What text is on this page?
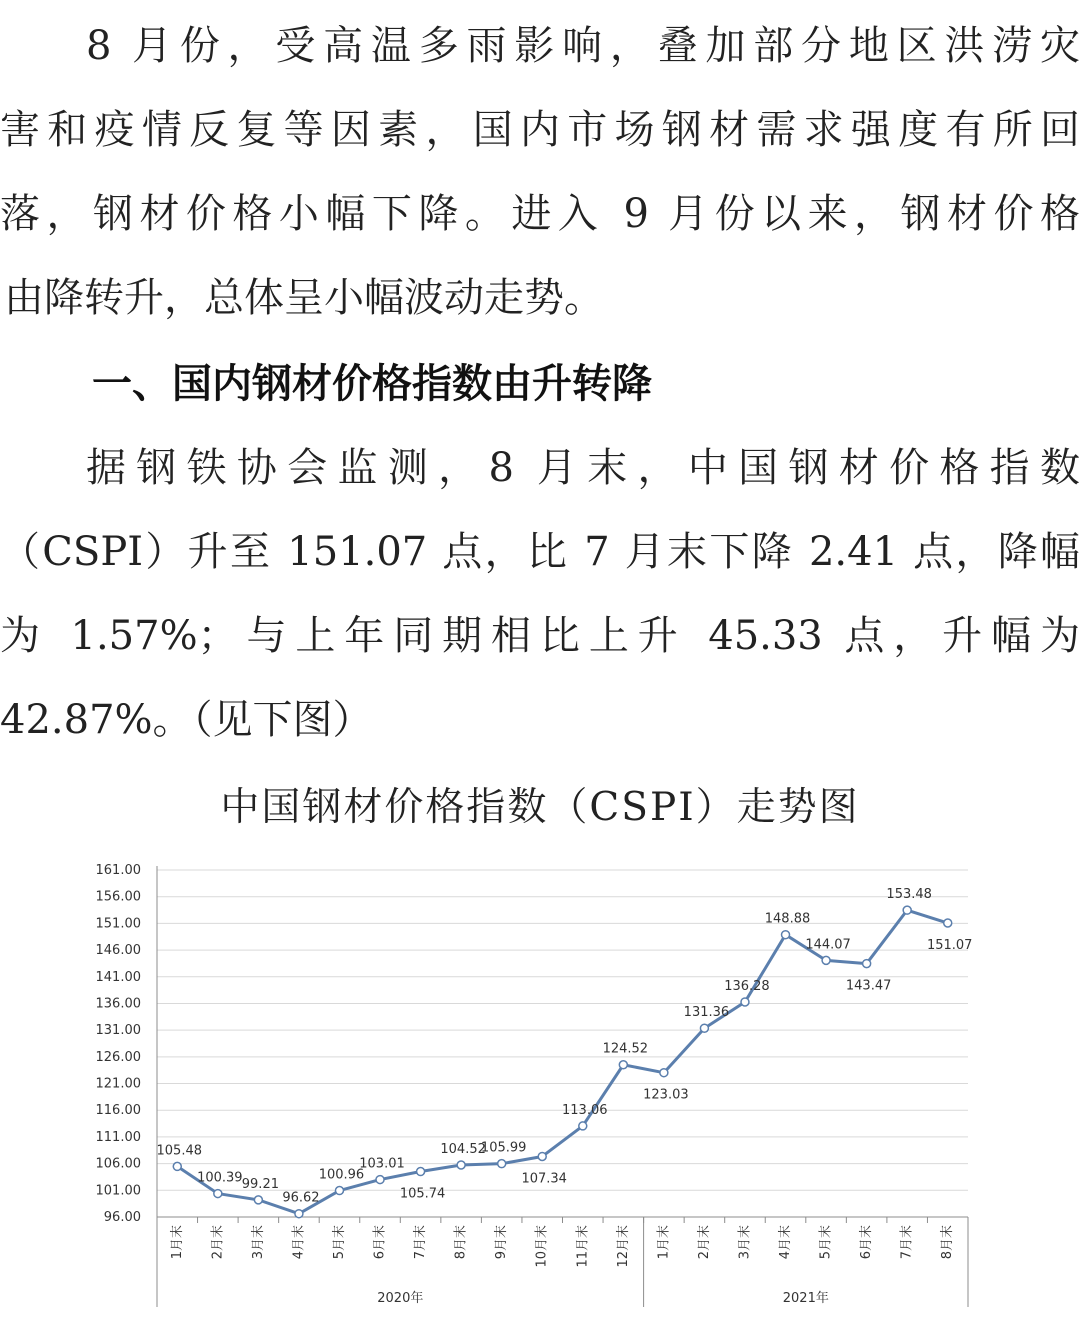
8 月份，受高温多雨影响，叠加部分地区洪涝灾
害和疫情反复等因素，国内市场钢材需求强度有所回
落，钢材价格小幅下降。进入 9 月份以来，钢材价格
由降转升，总体呈小幅波动走势。
一、国内钢材价格指数由升转降
据钢铁协会监测，8 月末，中国钢材价格指数
（CSPI）升至 151.07 点，比 7 月末下降 2.41 点，降幅
为 1.57%；与上年同期相比上升 45.33 点，升幅为
42.87%。（见下图）
中国钢材价格指数（CSPI）走势图
161.00
156.00
151.00
146.00
141.00
136.00
131.00
126.00
121.00
116.00
111.00
106.00
101.00
96.00
1月末 2月末 3月末 4月末 5月末 6月末 7月末 8月末 9月末 10月末 11月末 12月末 1月末 2月末 3月末 4月末 5月末 6月末 7月末 8月末
2020年	2021年
105.48
100.39 99.21
96.62
100.96
103.01
105.74
104.52
105.99
107.34
113.06
124.52
123.03
131.36
136.28
148.88
144.07
143.47
153.48
151.07
